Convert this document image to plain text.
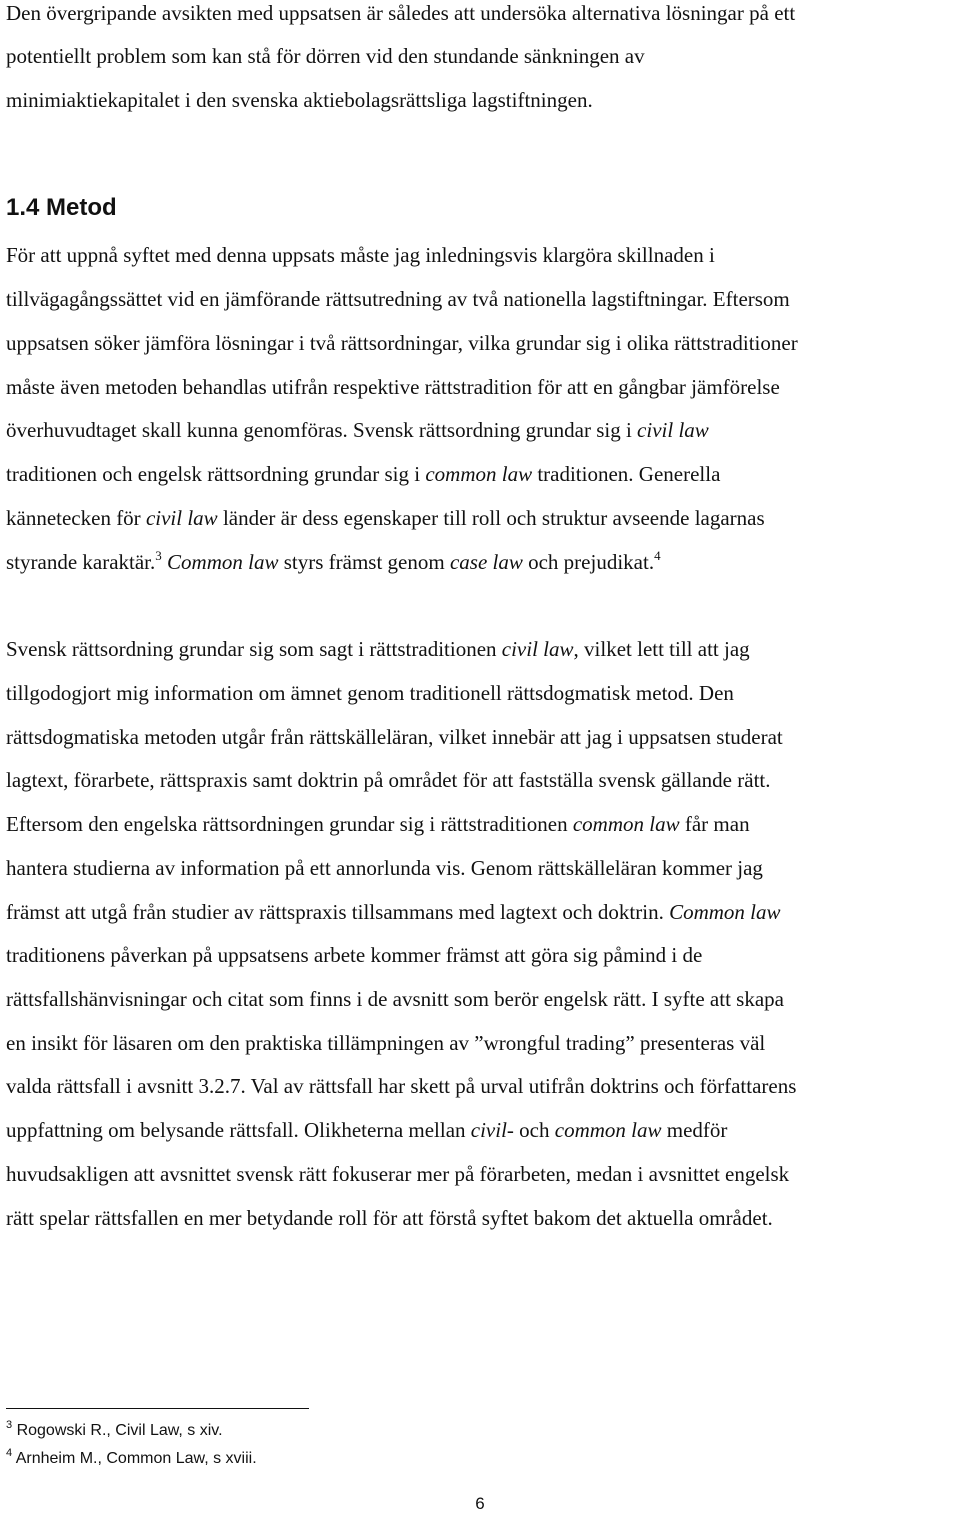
Den övergripande avsikten med uppsatsen är således att undersöka alternativa lösningar på ett
potentiellt problem som kan stå för dörren vid den stundande sänkningen av
minimiaktiekapitalet i den svenska aktiebolagsrättsliga lagstiftningen.
1.4 Metod
För att uppnå syftet med denna uppsats måste jag inledningsvis klargöra skillnaden i
tillvägagångssättet vid en jämförande rättsutredning av två nationella lagstiftningar. Eftersom
uppsatsen söker jämföra lösningar i två rättsordningar, vilka grundar sig i olika rättstraditioner
måste även metoden behandlas utifrån respektive rättstradition för att en gångbar jämförelse
överhuvudtaget skall kunna genomföras. Svensk rättsordning grundar sig i civil law
traditionen och engelsk rättsordning grundar sig i common law traditionen. Generella
kännetecken för civil law länder är dess egenskaper till roll och struktur avseende lagarnas
styrande karaktär.$^3$ Common law styrs främst genom case law och prejudikat.$^4$
Svensk rättsordning grundar sig som sagt i rättstraditionen civil law, vilket lett till att jag
tillgodogjort mig information om ämnet genom traditionell rättsdogmatisk metod. Den
rättsdogmatiska metoden utgår från rättskälleläran, vilket innebär att jag i uppsatsen studerat
lagtext, förarbete, rättspraxis samt doktrin på området för att fastställa svensk gällande rätt.
Eftersom den engelska rättsordningen grundar sig i rättstraditionen common law får man
hantera studierna av information på ett annorlunda vis. Genom rättskälleläran kommer jag
främst att utgå från studier av rättspraxis tillsammans med lagtext och doktrin. Common law
traditionens påverkan på uppsatsens arbete kommer främst att göra sig påmind i de
rättsfallshänvisningar och citat som finns i de avsnitt som berör engelsk rätt. I syfte att skapa
en insikt för läsaren om den praktiska tillämpningen av ”wrongful trading” presenteras väl
valda rättsfall i avsnitt 3.2.7. Val av rättsfall har skett på urval utifrån doktrins och författarens
uppfattning om belysande rättsfall. Olikheterna mellan civil- och common law medför
huvudsakligen att avsnittet svensk rätt fokuserar mer på förarbeten, medan i avsnittet engelsk
rätt spelar rättsfallen en mer betydande roll för att förstå syftet bakom det aktuella området.
$^3$ Rogowski R., Civil Law, s xiv.
$^4$ Arnheim M., Common Law, s xviii.
6
